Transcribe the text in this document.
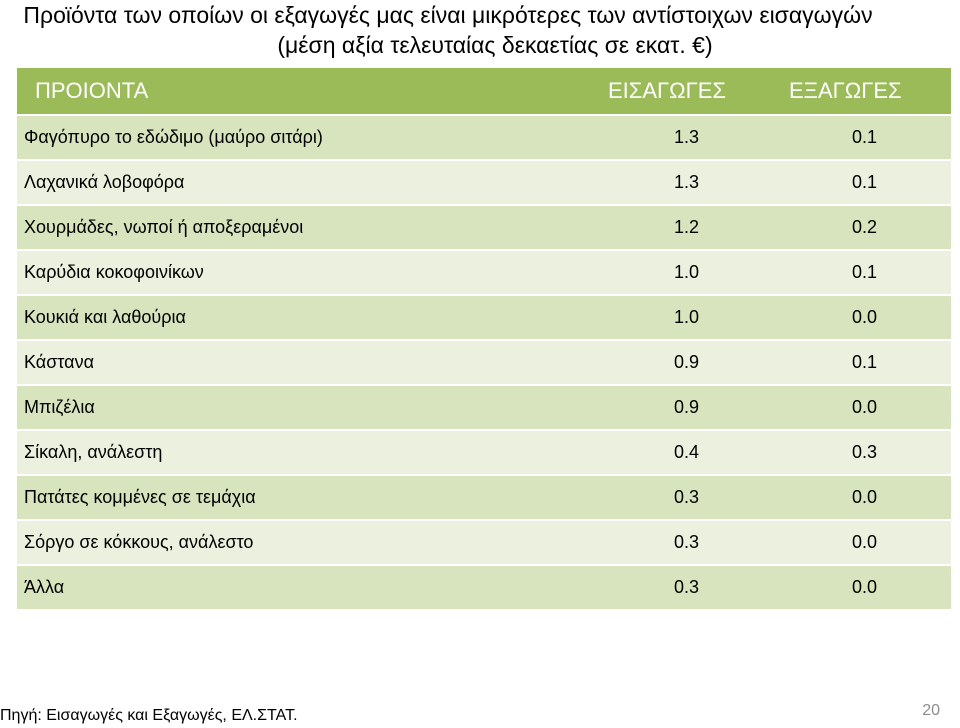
Προϊόντα των οποίων οι εξαγωγές μας είναι μικρότερες των αντίστοιχων εισαγωγών
(μέση αξία τελευταίας δεκαετίας σε εκατ. €)
ΠΡΟΙΟΝΤΑ	ΕΙΣΑΓΩΓΕΣ	ΕΞΑΓΩΓΕΣ
Φαγόπυρο το εδώδιμο (μαύρο σιτάρι)	1.3	0.1
Λαχανικά λοβοφόρα	1.3	0.1
Χουρμάδες, νωποί ή αποξεραμένοι	1.2	0.2
Καρύδια κοκοφοινίκων	1.0	0.1
Κουκιά και λαθούρια	1.0	0.0
Κάστανα	0.9	0.1
Μπιζέλια	0.9	0.0
Σίκαλη, ανάλεστη	0.4	0.3
Πατάτες κομμένες σε τεμάχια	0.3	0.0
Σόργο σε κόκκους, ανάλεστο	0.3	0.0
Άλλα	0.3	0.0
Πηγή: Εισαγωγές και Εξαγωγές, ΕΛ.ΣΤΑΤ.	20
